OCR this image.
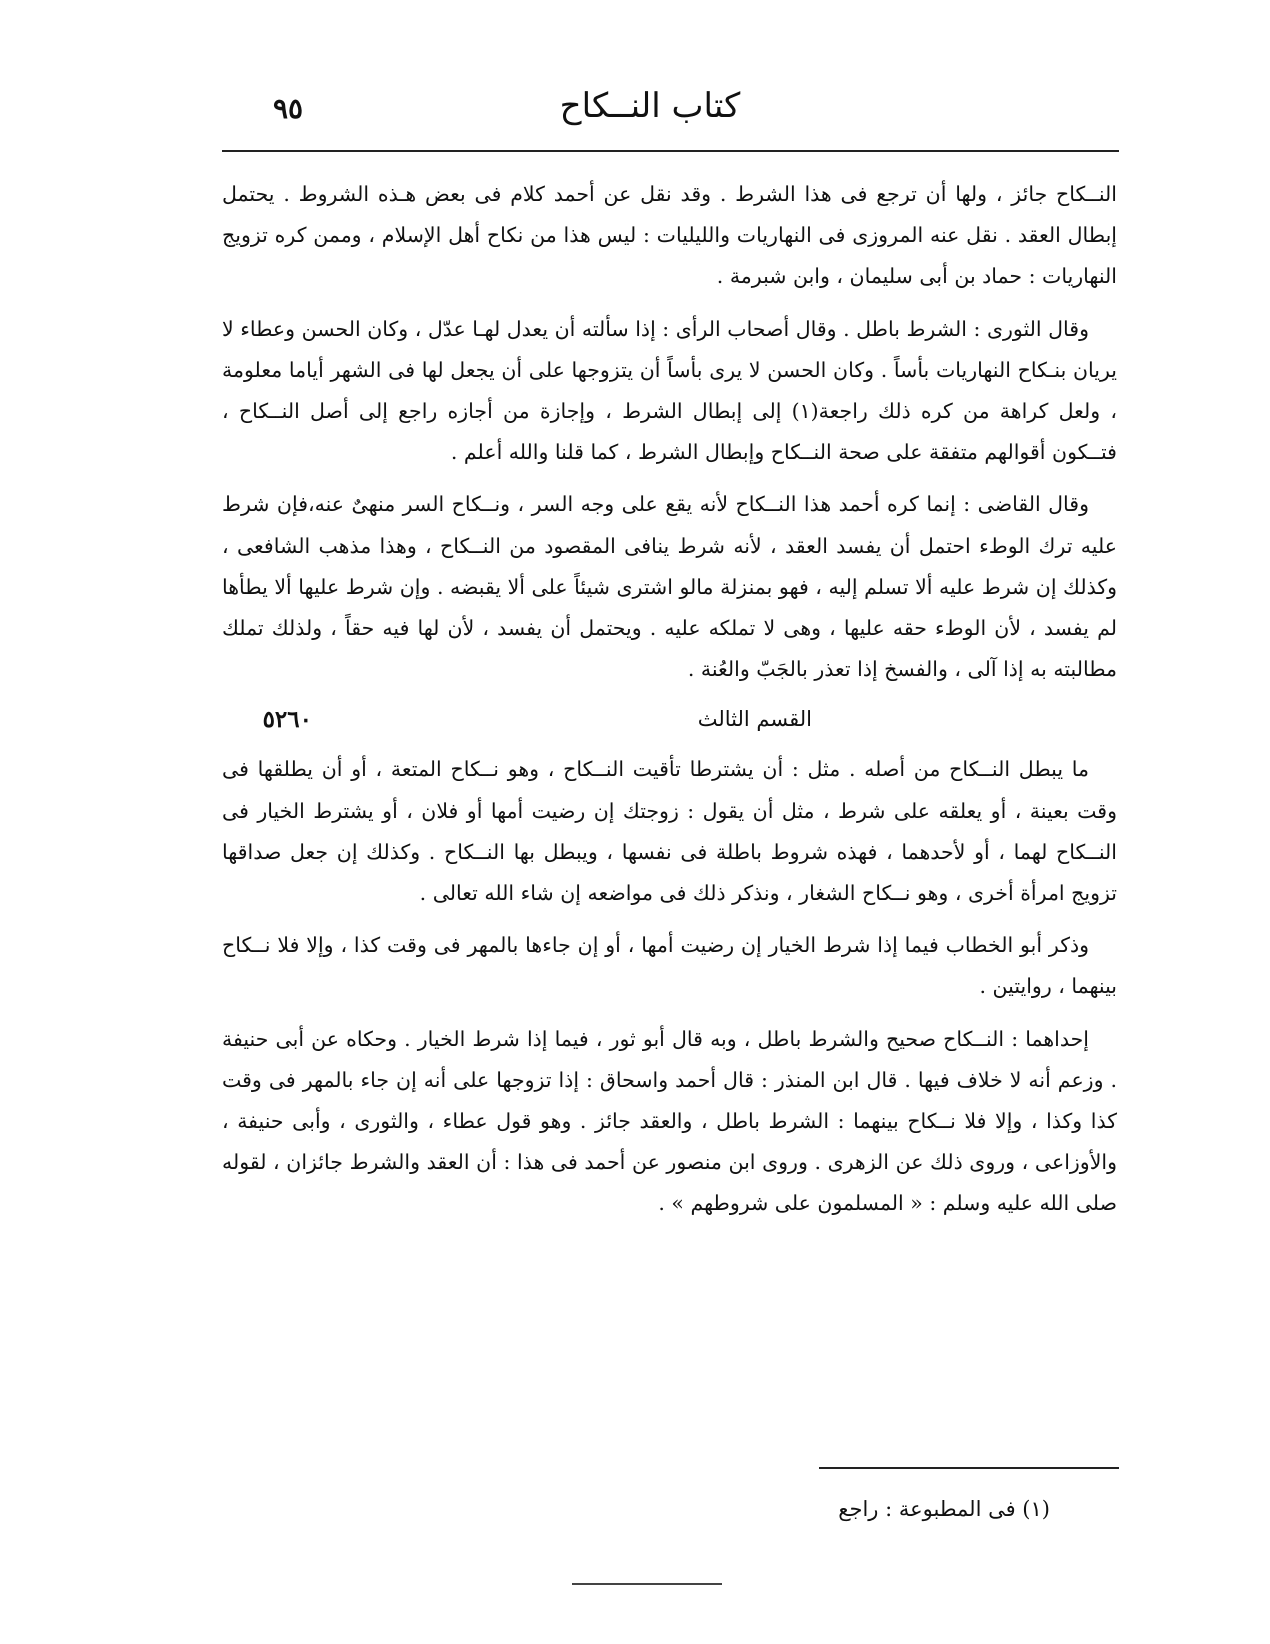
٩٥	كتاب النــكاح

النــكاح جائز ، ولها أن ترجع فى هذا الشرط . وقد نقل عن أحمد كلام فى بعض هـذه الشروط . يحتمل إبطال العقد . نقل عنه المروزى فى النهاريات والليليات : ليس هذا من نكاح أهل الإسلام ، وممن كره تزويج النهاريات : حماد بن أبى سليمان ، وابن شبرمة .

وقال الثورى : الشرط باطل . وقال أصحاب الرأى : إذا سألته أن يعدل لهـا عدّل ، وكان الحسن وعطاء لا يريان بنـكاح النهاريات بأساً . وكان الحسن لا يرى بأساً أن يتزوجها على أن يجعل لها فى الشهر أياما معلومة ، ولعل كراهة من كره ذلك راجعة(١) إلى إبطال الشرط ، وإجازة من أجازه راجع إلى أصل النــكاح ، فتــكون أقوالهم متفقة على صحة النــكاح وإبطال الشرط ، كما قلنا والله أعلم .

وقال القاضى : إنما كره أحمد هذا النــكاح لأنه يقع على وجه السر ، ونــكاح السر منهىٌ عنه،فإن شرط عليه ترك الوطء احتمل أن يفسد العقد ، لأنه شرط ينافى المقصود من النــكاح ، وهذا مذهب الشافعى ، وكذلك إن شرط عليه ألا تسلم إليه ، فهو بمنزلة مالو اشترى شيئاً على ألا يقبضه . وإن شرط عليها ألا يطأها لم يفسد ، لأن الوطء حقه عليها ، وهى لا تملكه عليه . ويحتمل أن يفسد ، لأن لها فيه حقاً ، ولذلك تملك مطالبته به إذا آلى ، والفسخ إذا تعذر بالجَبّ والعُنة .

٥٢٦٠	القسم الثالث

ما يبطل النــكاح من أصله . مثل : أن يشترطا تأقيت النــكاح ، وهو نــكاح المتعة ، أو أن يطلقها فى وقت بعينة ، أو يعلقه على شرط ، مثل أن يقول : زوجتك إن رضيت أمها أو فلان ، أو يشترط الخيار فى النــكاح لهما ، أو لأحدهما ، فهذه شروط باطلة فى نفسها ، ويبطل بها النــكاح . وكذلك إن جعل صداقها تزويج امرأة أخرى ، وهو نــكاح الشغار ، ونذكر ذلك فى مواضعه إن شاء الله تعالى .

وذكر أبو الخطاب فيما إذا شرط الخيار إن رضيت أمها ، أو إن جاءها بالمهر فى وقت كذا ، وإلا فلا نــكاح بينهما ، روايتين .

إحداهما : النــكاح صحيح والشرط باطل ، وبه قال أبو ثور ، فيما إذا شرط الخيار . وحكاه عن أبى حنيفة . وزعم أنه لا خلاف فيها . قال ابن المنذر : قال أحمد واسحاق : إذا تزوجها على أنه إن جاء بالمهر فى وقت كذا وكذا ، وإلا فلا نــكاح بينهما : الشرط باطل ، والعقد جائز . وهو قول عطاء ، والثورى ، وأبى حنيفة ، والأوزاعى ، وروى ذلك عن الزهرى . وروى ابن منصور عن أحمد فى هذا : أن العقد والشرط جائزان ، لقوله صلى الله عليه وسلم : « المسلمون على شروطهم » .

(١) فى المطبوعة : راجع
